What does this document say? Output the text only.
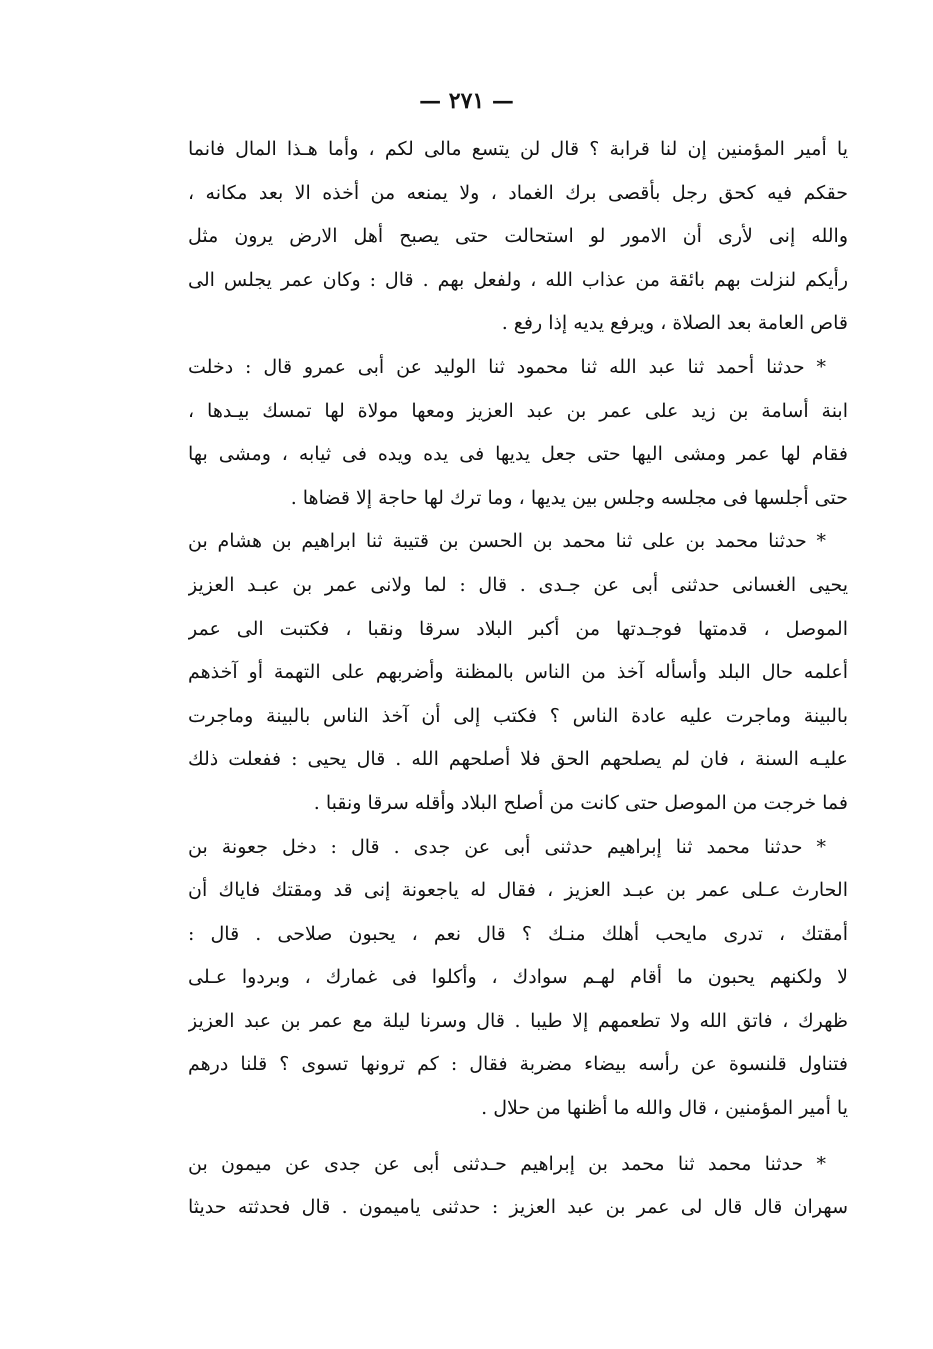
— ٢٧١ —
يا أمير المؤمنين إن لنا قرابة ؟ قال لن يتسع مالى لكم ، وأما هـذا المال فانما
حقكم فيه كحق رجل بأقصى برك الغماد ، ولا يمنعه من أخذه الا بعد مكانه ،
والله إنى لأرى أن الامور لو استحالت حتى يصبح أهل الارض يرون مثل
رأيكم لنزلت بهم بائقة من عذاب الله ، ولفعل بهم . قال : وكان عمر يجلس الى
قاص العامة بعد الصلاة ، ويرفع يديه إذا رفع .
* حدثنا أحمد ثنا عبد الله ثنا محمود ثنا الوليد عن أبى عمرو قال : دخلت
ابنة أسامة بن زيد على عمر بن عبد العزيز ومعها مولاة لها تمسك بيـدها ،
فقام لها عمر ومشى اليها حتى جعل يديها فى يده ويده فى ثيابه ، ومشى بها
حتى أجلسها فى مجلسه وجلس بين يديها ، وما ترك لها حاجة إلا قضاها .
* حدثنا محمد بن على ثنا محمد بن الحسن بن قتيبة ثنا ابراهيم بن هشام بن
يحيى الغسانى حدثنى أبى عن جـدى . قال : لما ولانى عمر بن عبـد العزيز
الموصل ، قدمتها فوجـدتها من أكبر البلاد سرقا ونقبا ، فكتبت الى عمر
أعلمه حال البلد وأسأله آخذ من الناس بالمظنة وأضربهم على التهمة أو آخذهم
بالبينة وماجرت عليه عادة الناس ؟ فكتب إلى أن آخذ الناس بالبينة وماجرت
عليـه السنة ، فان لم يصلحهم الحق فلا أصلحهم الله . قال يحيى : ففعلت ذلك
فما خرجت من الموصل حتى كانت من أصلح البلاد وأقله سرقا ونقبا .
* حدثنا محمد ثنا إبراهيم حدثنى أبى عن جدى . قال : دخل جعونة بن
الحارث عـلى عمر بن عبـد العزيز ، فقال له ياجعونة إنى قد ومقتك فاياك أن
أمقتك ، تدرى مايحب أهلك منـك ؟ قال نعم ، يحبون صلاحى . قال :
لا ولكنهم يحبون ما أقام لهـم سوادك ، وأكلوا فى غمارك ، وبردوا عـلى
ظهرك ، فاتق الله ولا تطعمهم إلا طيبا . قال وسرنا ليلة مع عمر بن عبد العزيز
فتناول قلنسوة عن رأسه بيضاء مضربة فقال : كم ترونها تسوى ؟ قلنا درهم
يا أمير المؤمنين ، قال والله ما أظنها من حلال .
* حدثنا محمد ثنا محمد بن إبراهيم حـدثنى أبى عن جدى عن ميمون بن
سهران قال قال لى عمر بن عبد العزيز : حدثنى ياميمون . قال فحدثته حديثا
